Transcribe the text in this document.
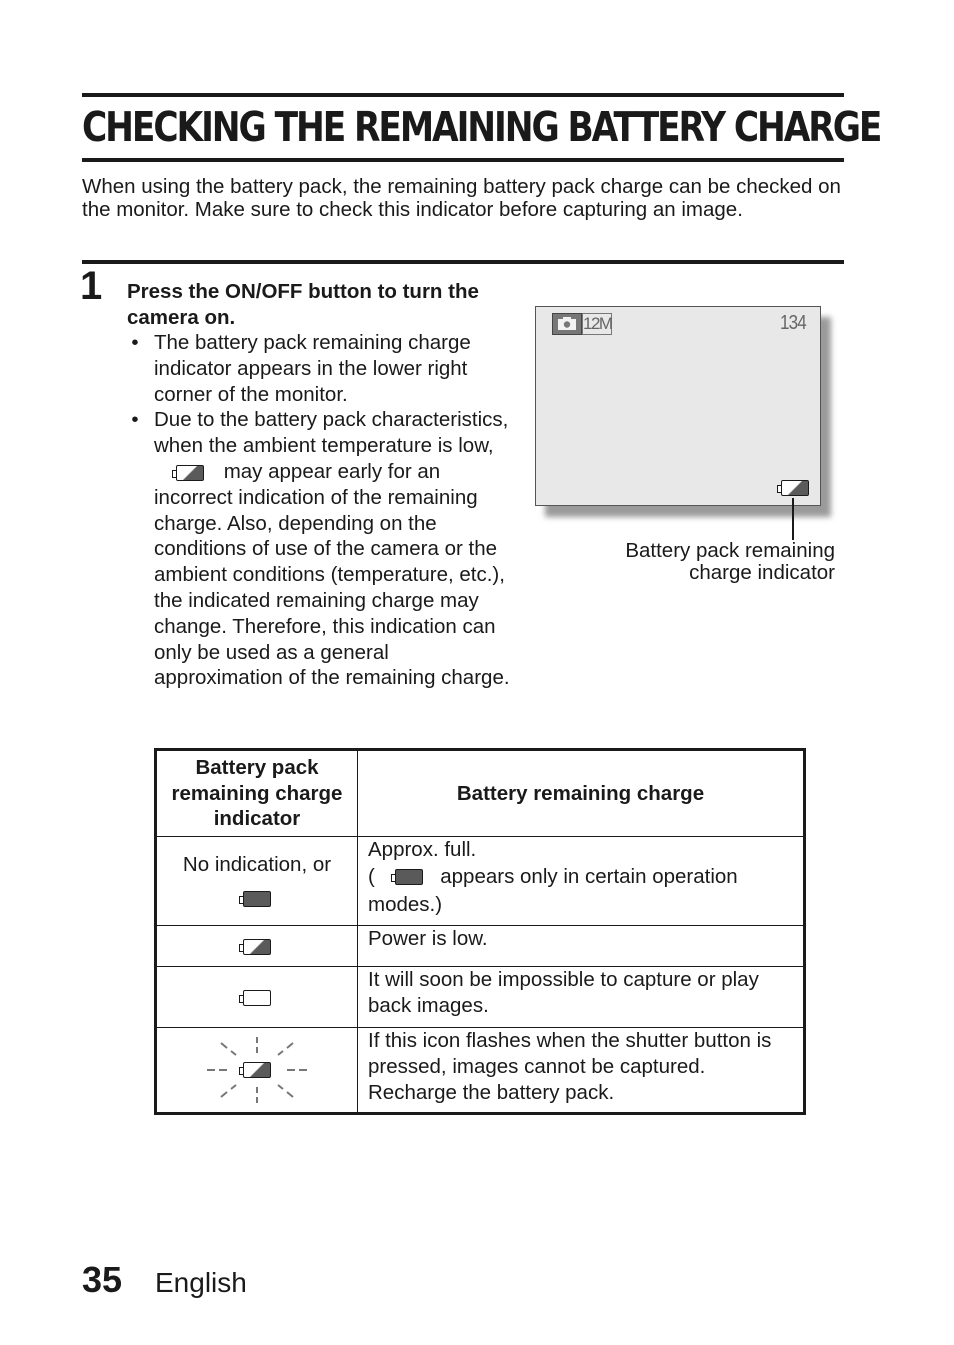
CHECKING THE REMAINING BATTERY CHARGE
When using the battery pack, the remaining battery pack charge can be checked on the monitor. Make sure to check this indicator before capturing an image.
1 Press the ON/OFF button to turn the camera on.
• The battery pack remaining charge indicator appears in the lower right corner of the monitor.
• Due to the battery pack characteristics, when the ambient temperature is low,  may appear early for an incorrect indication of the remaining charge. Also, depending on the conditions of use of the camera or the ambient conditions (temperature, etc.), the indicated remaining charge may change. Therefore, this indication can only be used as a general approximation of the remaining charge.
12M	134
Battery pack remaining charge indicator
Battery pack remaining charge indicator	Battery remaining charge

No indication, or	Approx. full.
( appears only in certain operation modes.)

	Power is low.
	It will soon be impossible to capture or play back images.

	If this icon flashes when the shutter button is pressed, images cannot be captured. Recharge the battery pack.
35 English
